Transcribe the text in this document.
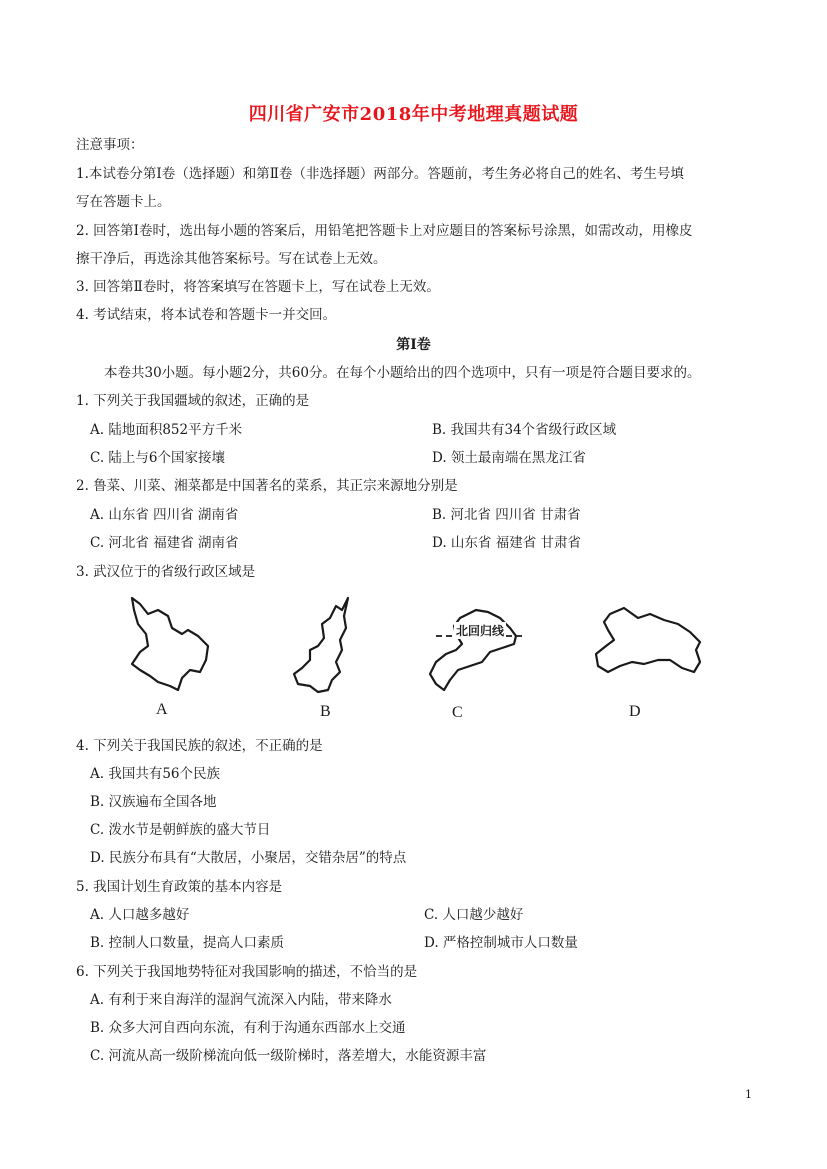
四川省广安市2018年中考地理真题试题
注意事项：
1.本试卷分第Ⅰ卷（选择题）和第Ⅱ卷（非选择题）两部分。答题前，考生务必将自己的姓名、考生号填
写在答题卡上。
2. 回答第Ⅰ卷时，选出每小题的答案后，用铅笔把答题卡上对应题目的答案标号涂黑，如需改动，用橡皮
擦干净后，再选涂其他答案标号。写在试卷上无效。
3. 回答第Ⅱ卷时，将答案填写在答题卡上，写在试卷上无效。
4. 考试结束，将本试卷和答题卡一并交回。
第Ⅰ卷
本卷共30小题。每小题2分，共60分。在每个小题给出的四个选项中，只有一项是符合题目要求的。
1. 下列关于我国疆域的叙述，正确的是
A. 陆地面积852平方千米	B. 我国共有34个省级行政区域
C. 陆上与6个国家接壤	D. 领土最南端在黑龙江省
2. 鲁菜、川菜、湘菜都是中国著名的菜系，其正宗来源地分别是
A. 山东省 四川省 湖南省	B. 河北省 四川省 甘肃省
C. 河北省 福建省 湖南省	D. 山东省 福建省 甘肃省
3. 武汉位于的省级行政区域是
北回归线
A	B	C	D
4. 下列关于我国民族的叙述，不正确的是
A. 我国共有56个民族
B. 汉族遍布全国各地
C. 泼水节是朝鲜族的盛大节日
D. 民族分布具有“大散居，小聚居，交错杂居”的特点
5. 我国计划生育政策的基本内容是
A. 人口越多越好	C. 人口越少越好
B. 控制人口数量，提高人口素质	D. 严格控制城市人口数量
6. 下列关于我国地势特征对我国影响的描述，不恰当的是
A. 有利于来自海洋的湿润气流深入内陆，带来降水
B. 众多大河自西向东流，有利于沟通东西部水上交通
C. 河流从高一级阶梯流向低一级阶梯时，落差增大，水能资源丰富
1
